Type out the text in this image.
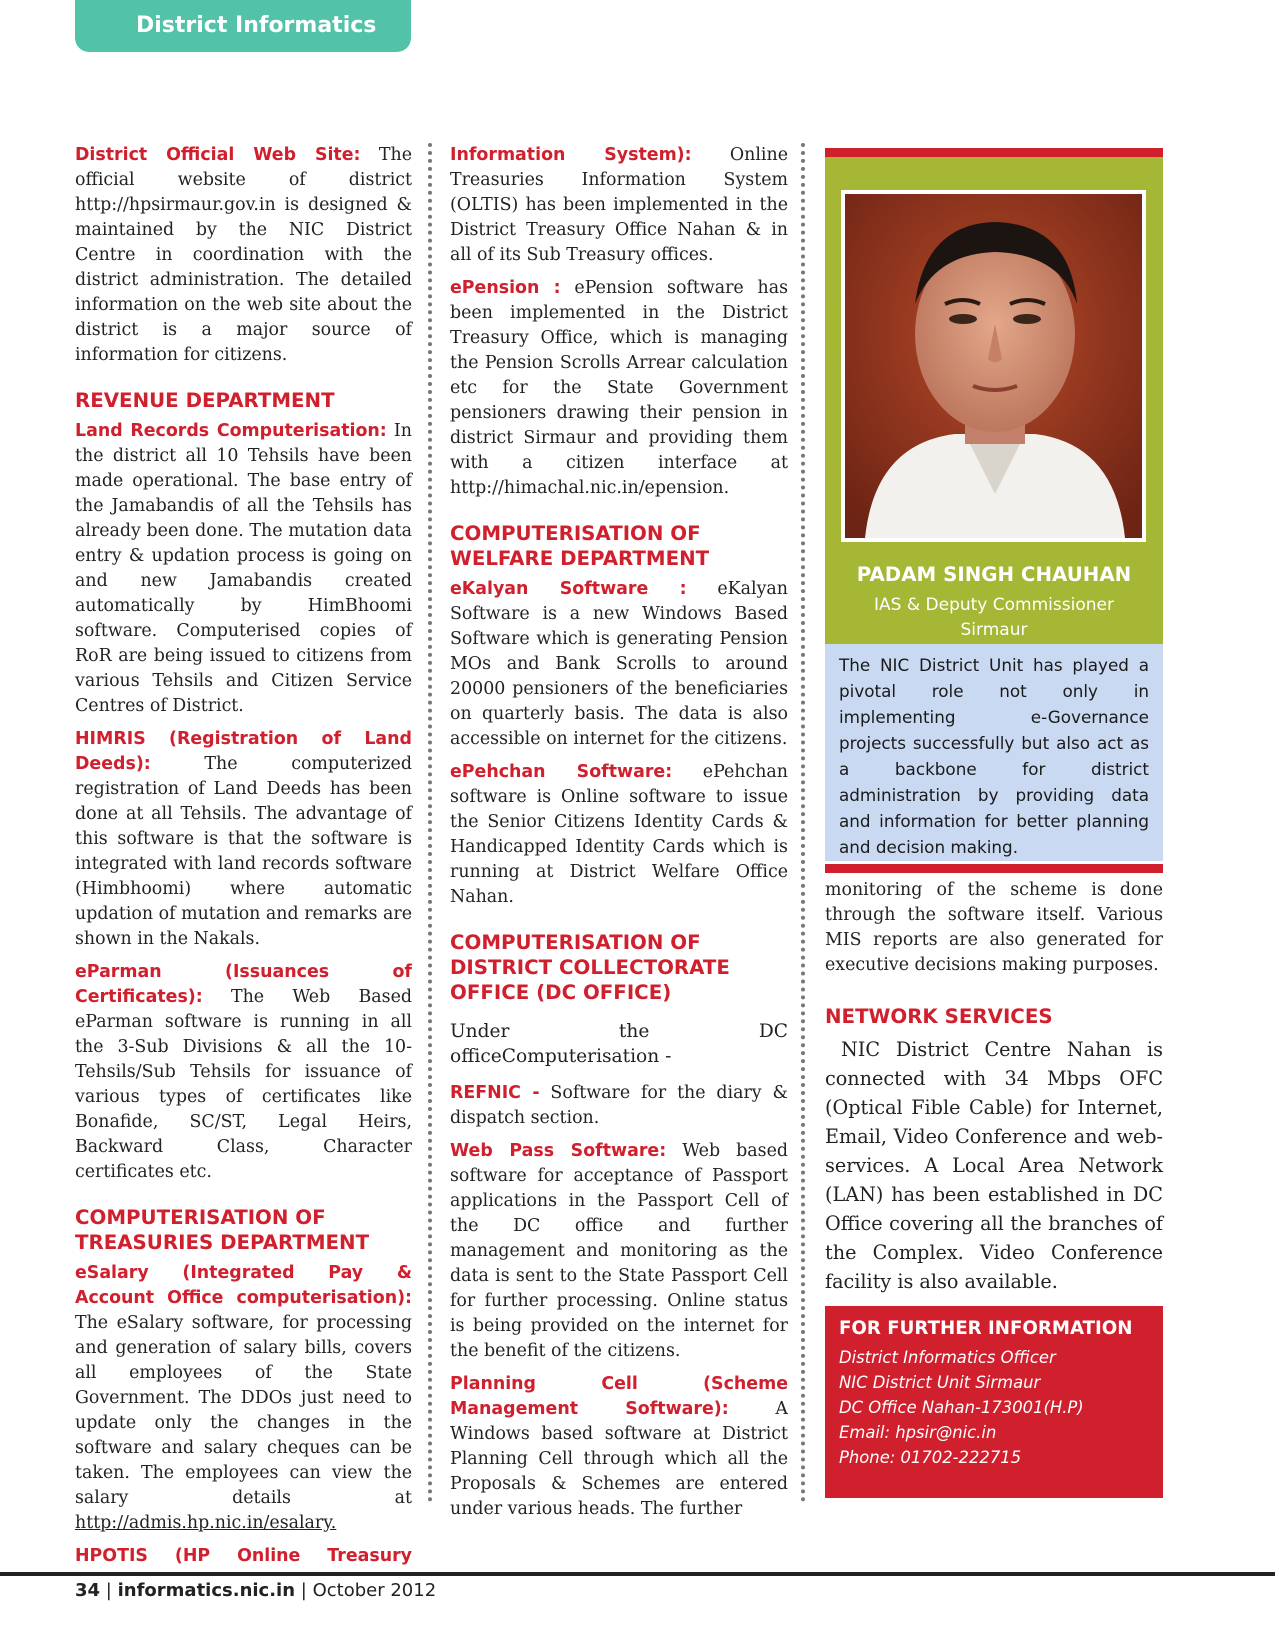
District Informatics

District Official Web Site: The official website of district http://hpsirmaur.gov.in is designed & maintained by the NIC District Centre in coordination with the district administration. The detailed information on the web site about the district is a major source of information for citizens.

REVENUE DEPARTMENT

Land Records Computerisation: In the district all 10 Tehsils have been made operational. The base entry of the Jamabandis of all the Tehsils has already been done. The mutation data entry & updation process is going on and new Jamabandis created automatically by HimBhoomi software. Computerised copies of RoR are being issued to citizens from various Tehsils and Citizen Service Centres of District.

HIMRIS (Registration of Land Deeds): The computerized registration of Land Deeds has been done at all Tehsils. The advantage of this software is that the software is integrated with land records software (Himbhoomi) where automatic updation of mutation and remarks are shown in the Nakals.

eParman (Issuances of Certificates): The Web Based eParman software is running in all the 3-Sub Divisions & all the 10-Tehsils/Sub Tehsils for issuance of various types of certificates like Bonafide, SC/ST, Legal Heirs, Backward Class, Character certificates etc.

COMPUTERISATION OF TREASURIES DEPARTMENT

eSalary (Integrated Pay & Account Office computerisation): The eSalary software, for processing and generation of salary bills, covers all employees of the State Government. The DDOs just need to update only the changes in the software and salary cheques can be taken. The employees can view the salary details at http://admis.hp.nic.in/esalary.

HPOTIS (HP Online Treasury

Information System): Online Treasuries Information System (OLTIS) has been implemented in the District Treasury Office Nahan & in all of its Sub Treasury offices.

ePension : ePension software has been implemented in the District Treasury Office, which is managing the Pension Scrolls Arrear calculation etc for the State Government pensioners drawing their pension in district Sirmaur and providing them with a citizen interface at http://himachal.nic.in/epension.

COMPUTERISATION OF WELFARE DEPARTMENT

eKalyan Software : eKalyan Software is a new Windows Based Software which is generating Pension MOs and Bank Scrolls to around 20000 pensioners of the beneficiaries on quarterly basis. The data is also accessible on internet for the citizens.

ePehchan Software: ePehchan software is Online software to issue the Senior Citizens Identity Cards & Handicapped Identity Cards which is running at District Welfare Office Nahan.

COMPUTERISATION OF DISTRICT COLLECTORATE OFFICE (DC OFFICE)

Under the DC officeComputerisation -

REFNIC - Software for the diary & dispatch section.

Web Pass Software: Web based software for acceptance of Passport applications in the Passport Cell of the DC office and further management and monitoring as the data is sent to the State Passport Cell for further processing. Online status is being provided on the internet for the benefit of the citizens.

Planning Cell (Scheme Management Software): A Windows based software at District Planning Cell through which all the Proposals & Schemes are entered under various heads. The further

PADAM SINGH CHAUHAN
IAS & Deputy Commissioner
Sirmaur
The NIC District Unit has played a pivotal role not only in implementing e-Governance projects successfully but also act as a backbone for district administration by providing data and information for better planning and decision making.

monitoring of the scheme is done through the software itself. Various MIS reports are also generated for executive decisions making purposes.

NETWORK SERVICES

NIC District Centre Nahan is connected with 34 Mbps OFC (Optical Fible Cable) for Internet, Email, Video Conference and web-services. A Local Area Network (LAN) has been established in DC Office covering all the branches of the Complex. Video Conference facility is also available.

FOR FURTHER INFORMATION
District Informatics Officer
NIC District Unit Sirmaur
DC Office Nahan-173001(H.P)
Email: hpsir@nic.in
Phone: 01702-222715
34 | informatics.nic.in | October 2012
